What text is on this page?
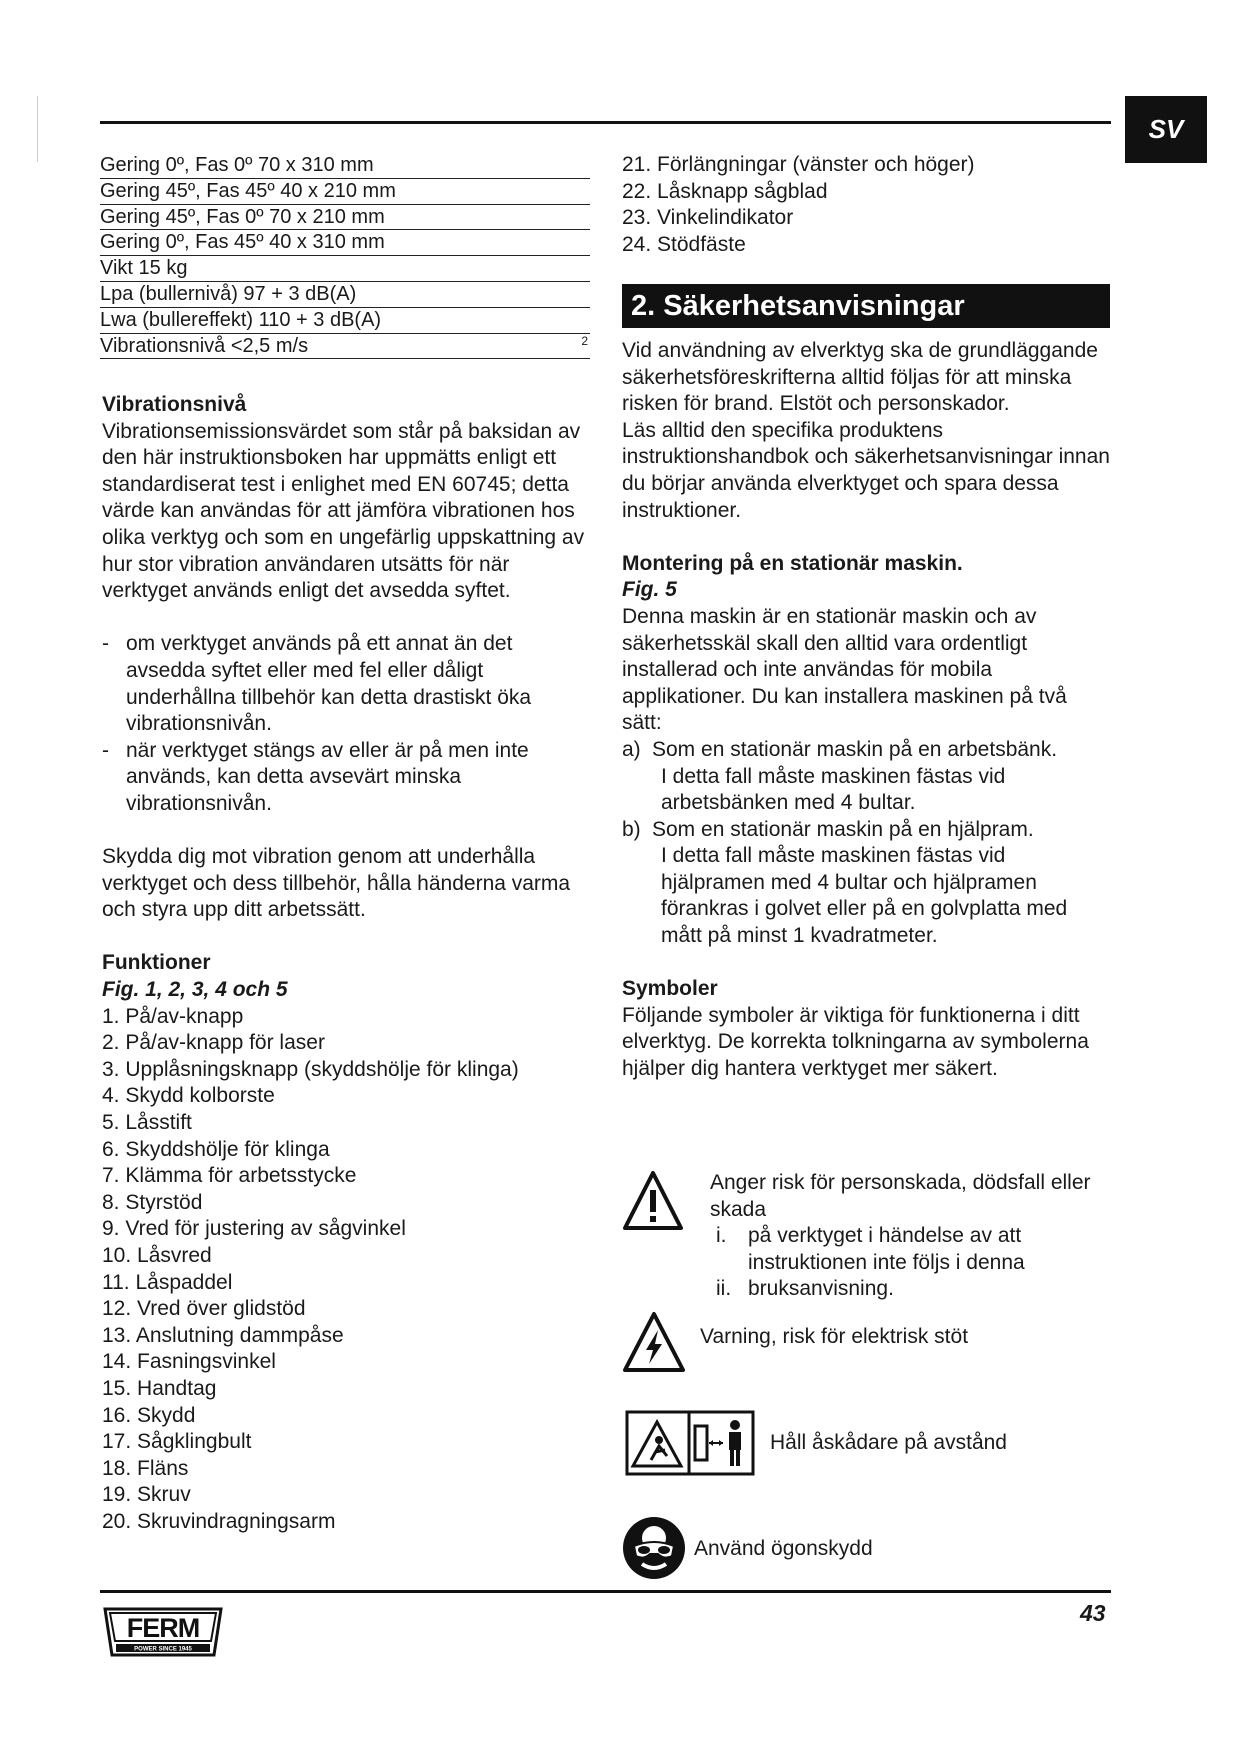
SV
Gering 0º, Fas 0º 70 x 310 mm
Gering 45º, Fas 45º 40 x 210 mm
Gering 45º, Fas 0º 70 x 210 mm
Gering 0º, Fas 45º 40 x 310 mm
Vikt 15 kg
Lpa (bullernivå) 97 + 3 dB(A)
Lwa (bullereffekt) 110 + 3 dB(A)
Vibrationsnivå <2,5 m/s	2

Vibrationsnivå

Vibrationsemissionsvärdet som står på baksidan av den här instruktionsboken har uppmätts enligt ett standardiserat test i enlighet med EN 60745; detta värde kan användas för att jämföra vibrationen hos olika verktyg och som en ungefärlig uppskattning av hur stor vibration användaren utsätts för när verktyget används enligt det avsedda syftet.

- om verktyget används på ett annat än det avsedda syftet eller med fel eller dåligt underhållna tillbehör kan detta drastiskt öka vibrationsnivån.

- när verktyget stängs av eller är på men inte används, kan detta avsevärt minska vibrationsnivån.

Skydda dig mot vibration genom att underhålla verktyget och dess tillbehör, hålla händerna varma och styra upp ditt arbetssätt.

Funktioner

Fig. 1, 2, 3, 4 och 5

1. På/av-knapp
2. På/av-knapp för laser
3. Upplåsningsknapp (skyddshölje för klinga)
4. Skydd kolborste
5. Låsstift
6. Skyddshölje för klinga
7. Klämma för arbetsstycke
8. Styrstöd
9. Vred för justering av sågvinkel
10. Låsvred
11. Låspaddel
12. Vred över glidstöd
13. Anslutning dammpåse
14. Fasningsvinkel
15. Handtag
16. Skydd
17. Sågklingbult
18. Fläns
19. Skruv
20. Skruvindragningsarm
21. Förlängningar (vänster och höger)
22. Låsknapp sågblad
23. Vinkelindikator
24. Stödfäste
2. Säkerhetsanvisningar

Vid användning av elverktyg ska de grundläggande säkerhetsföreskrifterna alltid följas för att minska risken för brand. Elstöt och personskador.

Läs alltid den specifika produktens instruktionshandbok och säkerhetsanvisningar innan du börjar använda elverktyget och spara dessa instruktioner.

Montering på en stationär maskin.

Fig. 5

Denna maskin är en stationär maskin och av säkerhetsskäl skall den alltid vara ordentligt installerad och inte användas för mobila applikationer. Du kan installera maskinen på två sätt:

a) Som en stationär maskin på en arbetsbänk.

I detta fall måste maskinen fästas vid arbetsbänken med 4 bultar.

b) Som en stationär maskin på en hjälpram.

I detta fall måste maskinen fästas vid hjälpramen med 4 bultar och hjälpramen förankras i golvet eller på en golvplatta med mått på minst 1 kvadratmeter.

Symboler

Följande symboler är viktiga för funktionerna i ditt elverktyg. De korrekta tolkningarna av symbolerna hjälper dig hantera verktyget mer säkert.

Anger risk för personskada, dödsfall eller skada

i.	på verktyget i händelse av att instruktionen inte följs i denna
ii. bruksanvisning.

Varning, risk för elektrisk stöt

Håll åskådare på avstånd

Använd ögonskydd

FERM
POWER SINCE 1945
43
